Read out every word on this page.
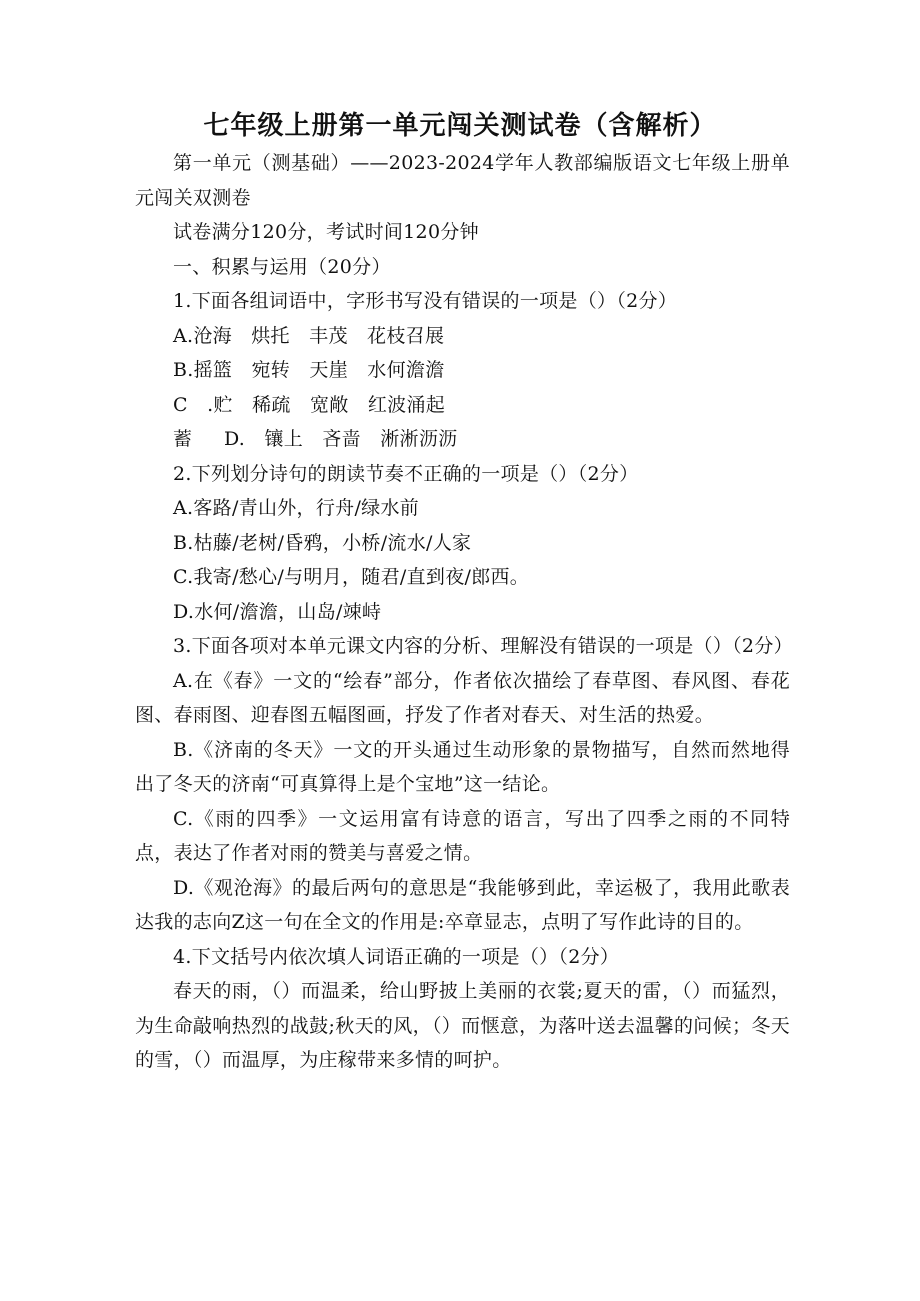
七年级上册第一单元闯关测试卷（含解析）

第一单元（测基础）——2023-2024学年人教部编版语文七年级上册单元闯关双测卷

试卷满分120分，考试时间120分钟

一、积累与运用（20分）

1.下面各组词语中，字形书写没有错误的一项是（）（2分）

A.沧海　烘托　丰茂　花枝召展

B.摇篮　宛转　天崖　水何澹澹

C　.贮　稀疏　宽敞　红波涌起

蓄　 D.　镶上　吝啬　淅淅沥沥

2.下列划分诗句的朗读节奏不正确的一项是（）（2分）

A.客路/青山外，行舟/绿水前

B.枯藤/老树/昏鸦，小桥/流水/人家

C.我寄/愁心/与明月，随君/直到夜/郎西。

D.水何/澹澹，山岛/竦峙

3.下面各项对本单元课文内容的分析、理解没有错误的一项是（）（2分）

A.在《春》一文的“绘春”部分，作者依次描绘了春草图、春风图、春花图、春雨图、迎春图五幅图画，抒发了作者对春天、对生活的热爱。

B.《济南的冬天》一文的开头通过生动形象的景物描写，自然而然地得出了冬天的济南“可真算得上是个宝地”这一结论。

C.《雨的四季》一文运用富有诗意的语言，写出了四季之雨的不同特点，表达了作者对雨的赞美与喜爱之情。

D.《观沧海》的最后两句的意思是“我能够到此，幸运极了，我用此歌表达我的志向Z这一句在全文的作用是:卒章显志，点明了写作此诗的目的。

4.下文括号内依次填人词语正确的一项是（）（2分）

春天的雨，（）而温柔，给山野披上美丽的衣裳;夏天的雷，（）而猛烈，为生命敲响热烈的战鼓;秋天的风，（）而惬意，为落叶送去温馨的问候；冬天的雪，（）而温厚，为庄稼带来多情的呵护。
